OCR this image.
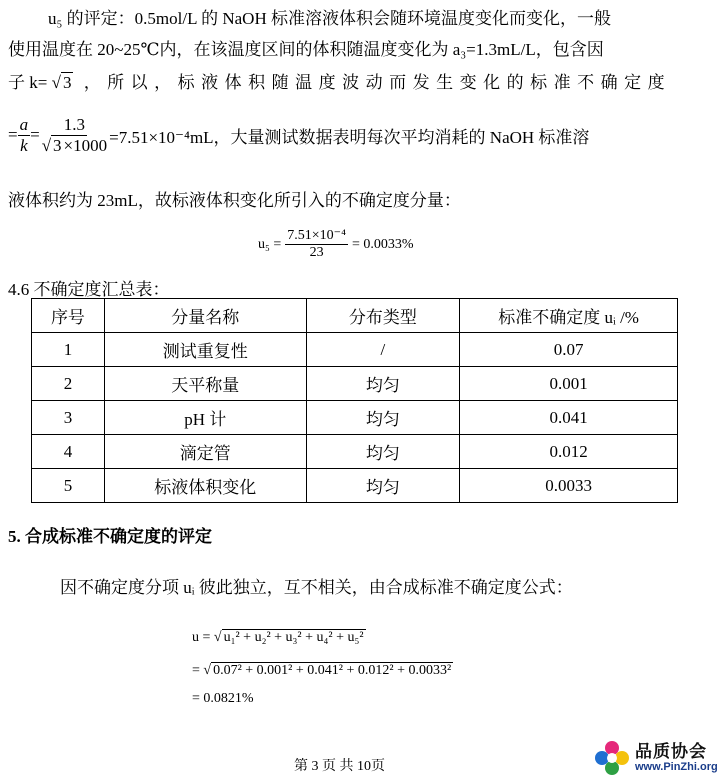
u₅ 的评定：0.5mol/L 的 NaOH 标准溶液体积会随环境温度变化而变化，一般
使用温度在 20~25℃内，在该温度区间的体积随温度变化为 a₃=1.3mL/L，包含因
子 k= √ 3 ，所以，标液体积随温度波动而发生变化的标准不确定度
= $\frac{a}{k} = \frac{1.3}{√ 3 \times 1000} =7.51\times 10^{-4}mL$，大量测试数据表明每次平均消耗的 NaOH 标准溶
液体积约为 23mL，故标液体积变化所引入的不确定度分量：
$u_5 = \frac{\text{7.51×10⁻⁴}}{23} = 0.0033\%$
4.6 不确定度汇总表：
序号	分量名称	分布类型	标准不确定度 uᵢ /%
1	测试重复性	/	0.07
2	天平称量	均匀	0.001
3	pH 计	均匀	0.041
4	滴定管	均匀	0.012
5	标液体积变化	均匀	0.0033
5. 合成标准不确定度的评定
因不确定度分项 uᵢ 彼此独立，互不相关，由合成标准不确定度公式：
u = √ u₁² + u₂² + u₃² + u₄² + u₅²
= √ 0.07² + 0.001² + 0.041² + 0.012² + 0.0033²
= 0.0821%
第 3 页 共 10页
品质协会
www.PinZhi.org
